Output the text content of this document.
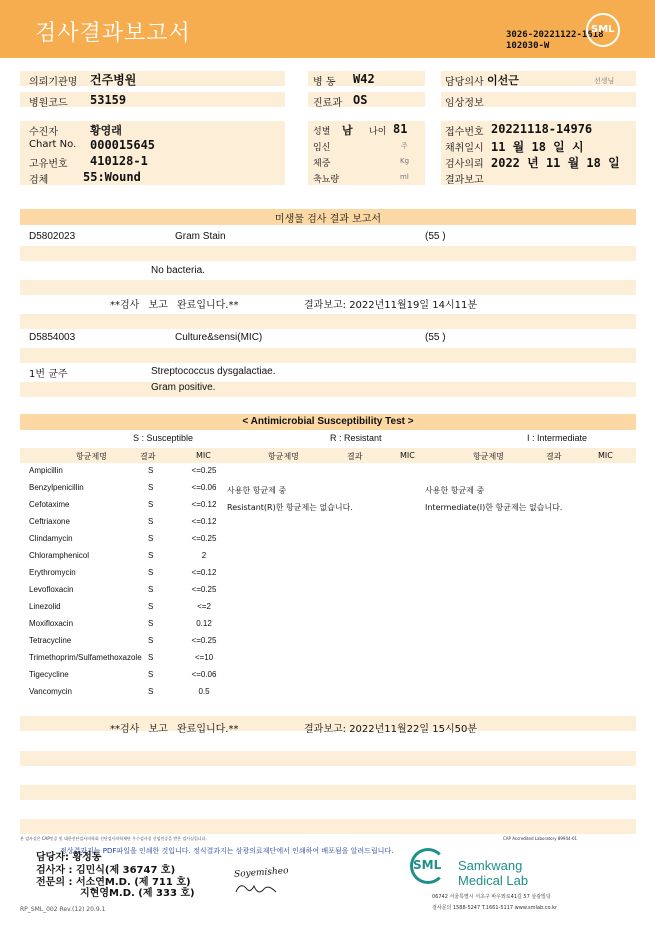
검사결과보고서	3026-20221122-1618
102030-W
SML
의뢰기관명 건주병원
병원코드 53159
병 동 W42
진료과 OS
담당의사 이선근	선생님
임상정보
수진자	황영래
Chart No. 000015645
고유번호 410128-1
검체	55:Wound
성별 남 나이 81
임신	주
체중	Kg
축뇨량	ml
접수번호 20221118-14976
채취일시 11 월 18 일 시
검사의뢰 2022 년 11 월 18 일
결과보고
미생물 검사 결과 보고서
D5802023	Gram Stain	(55 )
No bacteria.
**검사 보고 완료입니다.**	결과보고: 2022년11월19일 14시11분
D5854003	Culture&sensi(MIC)	(55 )
1번 균주	Streptococcus dysgalactiae.
Gram positive.
< Antimicrobial Susceptibility Test >
S : Susceptible	R : Resistant	I : Intermediate
항균제명	결과	MIC	항균제명	결과	MIC	항균제명	결과	MIC
Ampicillin	S	<=0.25
Benzylpenicillin	S	<=0.06
Cefotaxime	S	<=0.12
Ceftriaxone	S	<=0.12
Clindamycin	S	<=0.25
Chloramphenicol	S	2
Erythromycin	S	<=0.12
Levofloxacin	S	<=0.25
Linezolid	S	<=2
Moxifloxacin	S	0.12
Tetracycline	S	<=0.25
Trimethoprim/Sulfamethoxazole S	<=10
Tigecycline	S	<=0.06
Vancomycin	S	0.5
사용한 항균제 중
Resistant(R)한 항균제는 없습니다.
사용한 항균제 중
Intermediate(I)한 항균제는 없습니다.
**검사 보고 완료입니다.**	결과보고: 2022년11월22일 15시50분
본 검사실은 CAP인증 및 대한진단검사의학회 진단검사의학재단 우수검사실 신임인증을 받은 검사실입니다.	CAP Accredited Laboratory 89944-01
정상결과지는 PDF파일을 인쇄한 것입니다. 정식결과지는 삼광의료재단에서 인쇄하여 배포됨을 알려드립니다.
담당자: 황정동
검사자 : 김민식(제 36747 호)
전문의 : 서소연M.D. (제 711 호)
지현영M.D. (제 333 호)
Soyemisheo
SML Samkwang
Medical Lab
06742 서울특별시 서초구 바우뫼로41길 57 삼광빌딩
검사문의 1588-5247 T.1661-5117 www.smlab.co.kr
RP_SML_002 Rev.(12) 20.9.1
